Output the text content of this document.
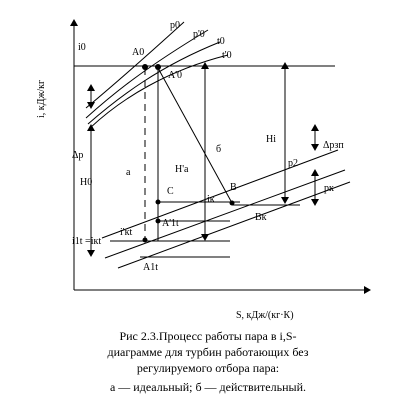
i, кДж/кг
S, кДж/(кг·К)
i0	A0
A'0
p0
p'0
t0
t'0
Δp
H0
a	H'a
б
Hi
Δpзп
p2
pк
C	B
iк
Bк
i'кt
A'1t
i1t =iкt
A1t

Рис 2.3.Процесс работы пара в i,S-

диаграмме для турбин работающих без

регулируемого отбора пара:

а — идеальный; б — действительный.
